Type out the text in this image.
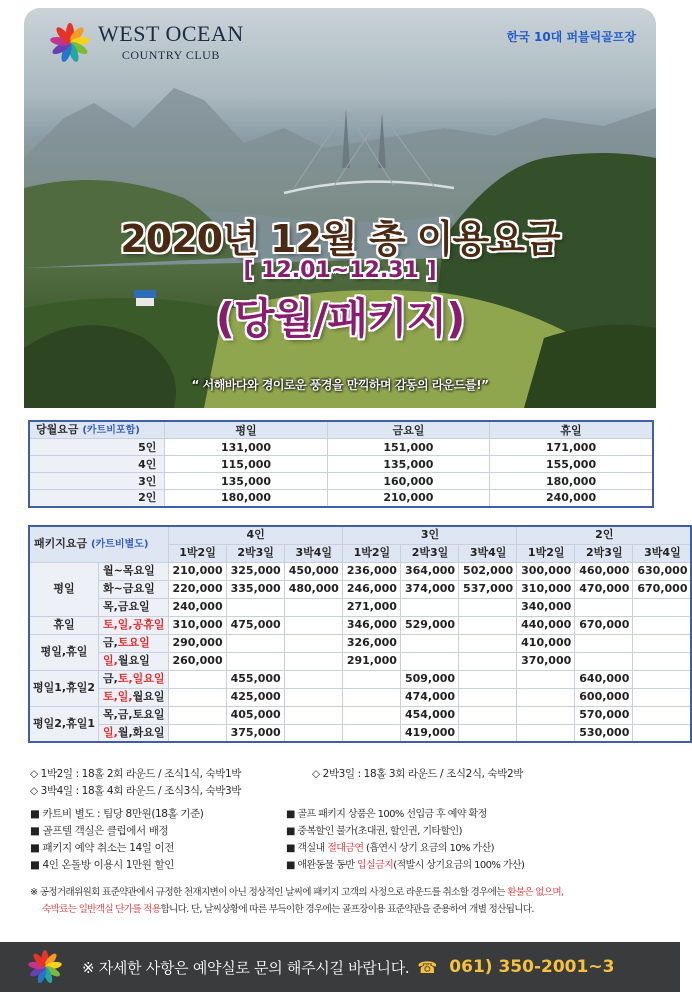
WEST OCEAN
COUNTRY CLUB
한국 10대 퍼블릭골프장
2020년 12월 총 이용요금
[ 12.01~12.31 ]
(당월/패키지)
“ 서해바다와 경이로운 풍경을 만끽하며 감동의 라운드를!”
당월요금 (카트비포함)	평일	금요일	휴일
5인	131,000	151,000	171,000
4인	115,000	135,000	155,000
3인	135,000	160,000	180,000
2인	180,000	210,000	240,000
패키지요금 (카트비별도)		4인			3인			2인		
		1박2일	2박3일	3박4일	1박2일	2박3일	3박4일	1박2일	2박3일	3박4일
평일	월~목요일	210,000	325,000	450,000	236,000	364,000	502,000	300,000	460,000	630,000
	화~금요일	220,000	335,000	480,000	246,000	374,000	537,000	310,000	470,000	670,000
	목,금요일	240,000			271,000			340,000		
휴일	토,일,공휴일	310,000	475,000		346,000	529,000		440,000	670,000	
평일,휴일	금,토요일	290,000			326,000			410,000		
	일,월요일	260,000			291,000			370,000		
평일1,휴일2	금,토,일요일		455,000			509,000			640,000	
	토,일,월요일		425,000			474,000			600,000	
평일2,휴일1	목,금,토요일		405,000			454,000			570,000	
	일,월,화요일		375,000			419,000			530,000	
◇ 1박2일 : 18홀 2회 라운드 / 조식1식, 숙박1박	◇ 2박3일 : 18홀 3회 라운드 / 조식2식, 숙박2박
◇ 3박4일 : 18홀 4회 라운드 / 조식3식, 숙박3박
■ 카트비 별도 : 팀당 8만원(18홀 기준)	■ 골프 패키지 상품은 100% 선입금 후 예약 확정
■ 골프텔 객실은 클럽에서 배정	■ 중복할인 불가(초대권, 할인권, 기타할인)
■ 패키지 예약 취소는 14일 이전	■ 객실내 절대금연 (흡연시 상기 요금의 10% 가산)
■ 4인 온돌방 이용시 1만원 할인	■ 애완동물 동반 입실금지(적발시 상기요금의 100% 가산)
※ 공정거래위원회 표준약관에서 규정한 천재지변이 아닌 정상적인 날씨에 패키지 고객의 사정으로 라운드를 취소할 경우에는 환불은 없으며,
숙박료는 일반객실 단가를 적용합니다. 단, 날씨상황에 따른 부득이한 경우에는 골프장이용 표준약관을 준용하여 개별 정산됩니다.
※ 자세한 사항은 예약실로 문의 해주시길 바랍니다. ☎ 061) 350-2001~3
